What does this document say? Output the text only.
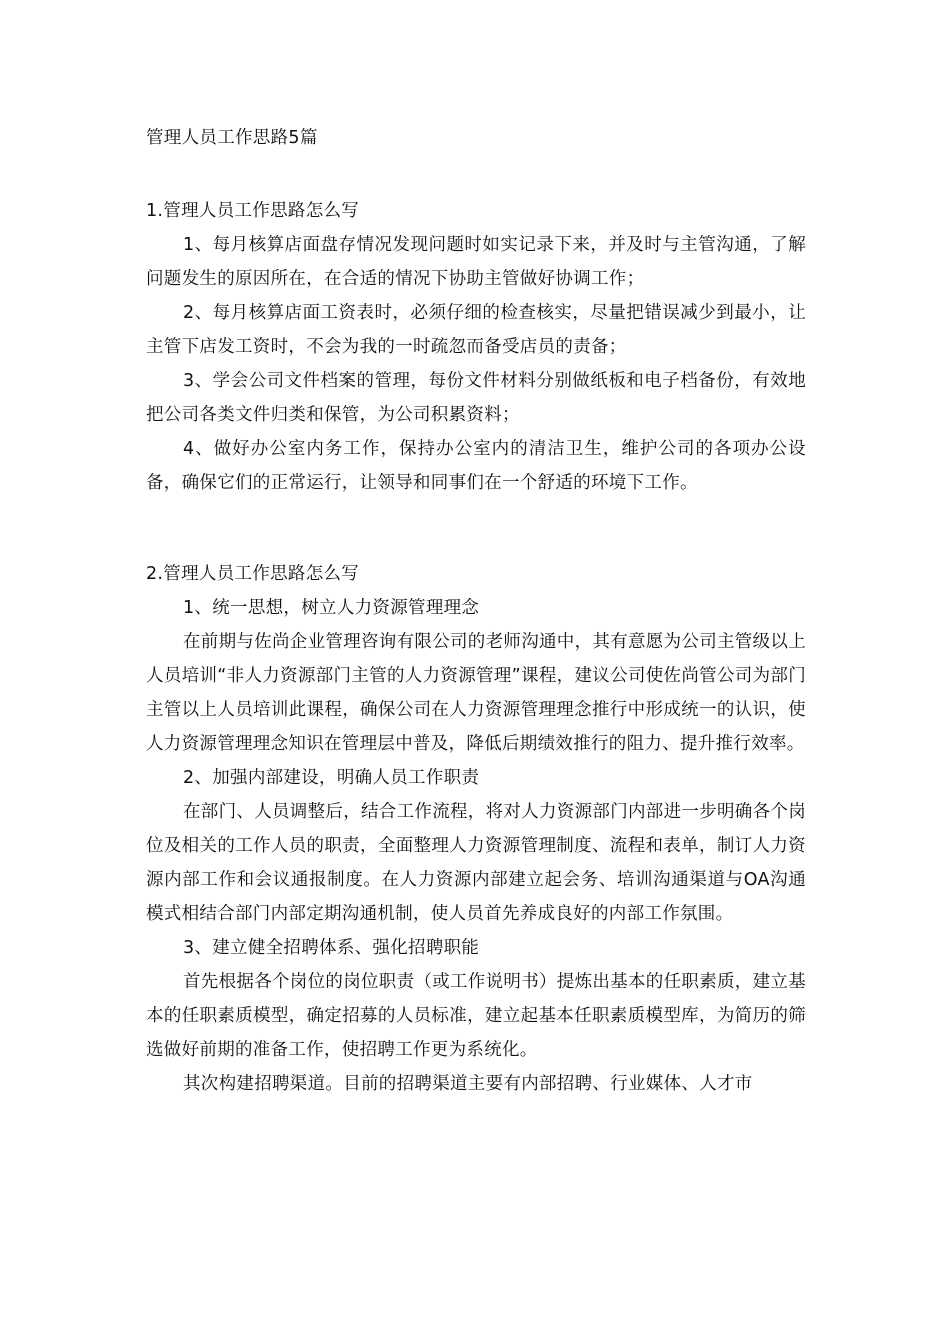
管理人员工作思路5篇

1.管理人员工作思路怎么写

1、每月核算店面盘存情况发现问题时如实记录下来，并及时与主管沟通，了解问题发生的原因所在，在合适的情况下协助主管做好协调工作；

2、每月核算店面工资表时，必须仔细的检查核实，尽量把错误减少到最小，让主管下店发工资时，不会为我的一时疏忽而备受店员的责备；

3、学会公司文件档案的管理，每份文件材料分别做纸板和电子档备份，有效地把公司各类文件归类和保管，为公司积累资料；

4、做好办公室内务工作，保持办公室内的清洁卫生，维护公司的各项办公设备，确保它们的正常运行，让领导和同事们在一个舒适的环境下工作。

2.管理人员工作思路怎么写

1、统一思想，树立人力资源管理理念

在前期与佐尚企业管理咨询有限公司的老师沟通中，其有意愿为公司主管级以上人员培训“非人力资源部门主管的人力资源管理”课程，建议公司使佐尚管公司为部门主管以上人员培训此课程，确保公司在人力资源管理理念推行中形成统一的认识，使人力资源管理理念知识在管理层中普及，降低后期绩效推行的阻力、提升推行效率。

2、加强内部建设，明确人员工作职责

在部门、人员调整后，结合工作流程，将对人力资源部门内部进一步明确各个岗位及相关的工作人员的职责，全面整理人力资源管理制度、流程和表单，制订人力资源内部工作和会议通报制度。在人力资源内部建立起会务、培训沟通渠道与OA沟通模式相结合部门内部定期沟通机制，使人员首先养成良好的内部工作氛围。

3、建立健全招聘体系、强化招聘职能

首先根据各个岗位的岗位职责（或工作说明书）提炼出基本的任职素质，建立基本的任职素质模型，确定招募的人员标准，建立起基本任职素质模型库，为简历的筛选做好前期的准备工作，使招聘工作更为系统化。

其次构建招聘渠道。目前的招聘渠道主要有内部招聘、行业媒体、人才市
